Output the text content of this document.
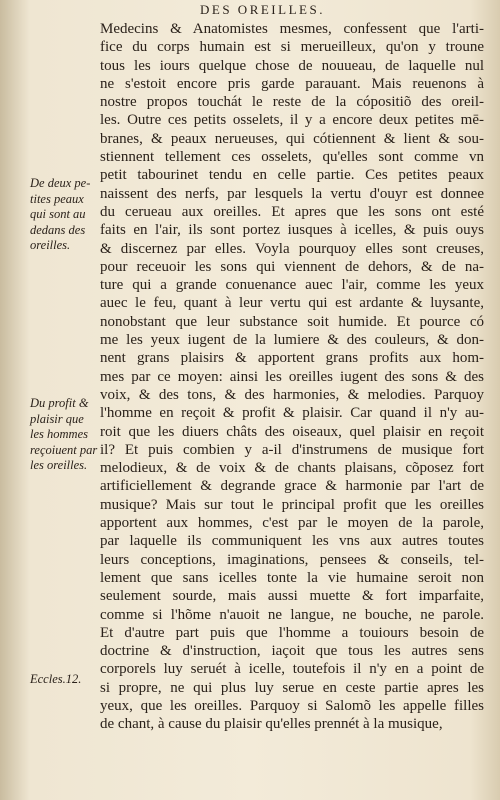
DES OREILLES.
Medecins & Anatomistes mesmes, confessent que l'arti-
fice du corps humain est si merueilleux, qu'on y troune
tous les iours quelque chose de nouueau, de laquelle nul
ne s'estoit encore pris garde parauant. Mais reuenons à
nostre propos touchát le reste de la cópositiõ des oreil-
les. Outre ces petits osselets, il y a encore deux petites mē-
branes, & peaux nerueuses, qui cótiennent & lient & sou-
stiennent tellement ces osselets, qu'elles sont comme vn
petit tabourinet tendu en celle partie. Ces petites peaux
naissent des nerfs, par lesquels la vertu d'ouyr est donnee
du cerueau aux oreilles. Et apres que les sons ont esté
faits en l'air, ils sont portez iusques à icelles, & puis ouys
& discernez par elles. Voyla pourquoy elles sont creuses,
pour receuoir les sons qui viennent de dehors, & de na-
ture qui a grande conuenance auec l'air, comme les yeux
auec le feu, quant à leur vertu qui est ardante & luysante,
nonobstant que leur substance soit humide. Et pource có
me les yeux iugent de la lumiere & des couleurs, & don-
nent grans plaisirs & apportent grans profits aux hom-
mes par ce moyen: ainsi les oreilles iugent des sons & des
voix, & des tons, & des harmonies, & melodies. Parquoy
l'homme en reçoit & profit & plaisir. Car quand il n'y au-
roit que les diuers châts des oiseaux, quel plaisir en reçoit
il? Et puis combien y a-il d'instrumens de musique fort
melodieux, & de voix & de chants plaisans, cõposez fort
artificiellement & degrande grace & harmonie par l'art de
musique? Mais sur tout le principal profit que les oreilles
apportent aux hommes, c'est par le moyen de la parole,
par laquelle ils communiquent les vns aux autres toutes
leurs conceptions, imaginations, pensees & conseils, tel-
lement que sans icelles tonte la vie humaine seroit non
seulement sourde, mais aussi muette & fort imparfaite,
comme si l'hõme n'auoit ne langue, ne bouche, ne parole.
Et d'autre part puis que l'homme a touiours besoin de
doctrine & d'instruction, iaçoit que tous les autres sens
corporels luy seruét à icelle, toutefois il n'y en a point de
si propre, ne qui plus luy serue en ceste partie apres les
yeux, que les oreilles. Parquoy si Salomõ les appelle filles
de chant, à cause du plaisir qu'elles prennét à la musique,
De deux pe-
tites peaux
qui sont au
dedans des
oreilles.
Du profit &
plaisir que
les hommes
reçoiuent par
les oreilles.
Eccles.12.
